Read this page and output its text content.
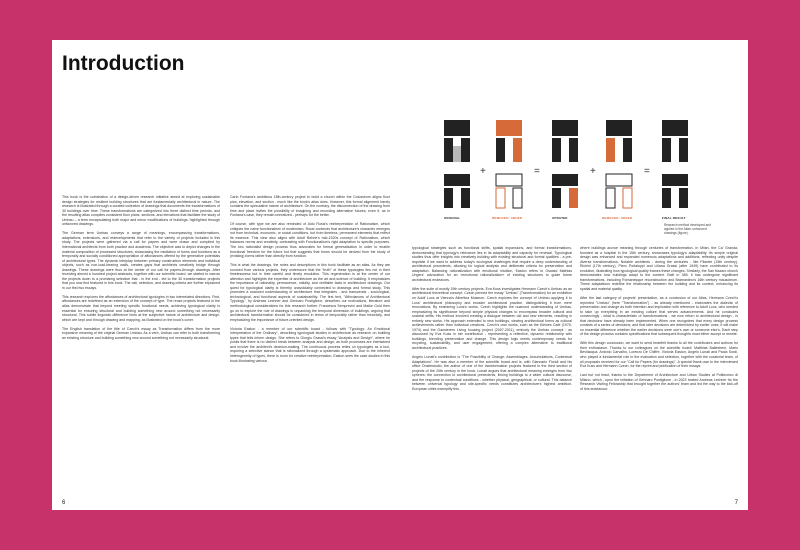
Introduction

This book is the culmination of a design-driven research initiative aimed at exploring sustainable design strategies for resilient building structures that are fundamentally architectural in nature. The research is illustrated through a curated collection of drawings that documents the transformations of 30 buildings over time. These transformations are categorized into three distinct time periods, and the resulting atlas compiles consistent floor plans, sections, and elevations that facilitate the study of Umbau – a term encapsulating both major and minor modifications of buildings, highlighted through unfavored drawings.

The German term Umbau conveys a range of meanings, encompassing transformations, adaptations, extensions, and redevelopments that refer to the variety of projects included in this study. The projects were gathered via a call for papers and were drawn and compiled by international architects from both practice and academia. The objective was to depict changes in the material composition of processed structures, showcasing the mediation of forms and functions as a temporally and socially conditioned appropriation of affordances offered by the generative potentials of architectural types. The dynamic interplay between primary construction elements and individual objects, such as non-load-bearing walls, creates gaps that architects creatively bridge through drawings. These drawings were thus at the center of our call for papers-through drawings. After receiving almost a hundred project abstracts, together with our scientific board, we started to narrow the projects down to a promising selection that - in the end - led to the 30 transformation projects that you now find featured in this book. The call, selection, and drawing criteria are further explained in our first two essays.

This research explores the affordances of architectural typologies in two interrelated directions. First, affordances are redefined as an extension of the concept of type. The reuse projects featured in the atlas demonstrate that beyond meeting specific functional needs, achieving typological clarity is essential for ensuring structural and building something new around something not necessarily structural. This subtle linguistic difference hints at the subjective nature of architecture and design, which are kept and through drawing and mapping, as illustrated on the book's cover.

The English translation of the title of Czech's essay as Transformation differs from the more expansive meaning of the original German Umbau. As a verb, Umbau can refer to both transforming an existing structure and building something new around something not necessarily structural.

Carlo Fontana's ambitious 18th-century project to build a church within the Colosseum aligns floor plan, elevation, and section - much like the book's atlas does. However, this formal alignment barely contains the speculative nature of architecture. On the contrary, the disconnection of the drawing from time and place invites the possibility of imagining and recording alternative futures, even if, as in Fontana's case, they remain unrealized - perhaps for the better.

Of course, with type we are also reminded of Aldo Rossi's reinterpretation of Rationalism, which critiques the naive functionalism of modernism. Rossi contends that architecture's character emerges not from technical, economic, or social conditions, but from timeless, permanent elements that reflect its essence. This view also aligns with Adolf Behne's mid-1920s concept of Rationalism, which balances norms and creativity, contrasting with Functionalism's rigid adaptation to specific purposes. The two rationalist design process thus advocates for formal generalization in order to enable functional freedom for the future but that suggests that forms should be derived from the study of (existing) forms rather than directly from function.

This is what the drawings, the notes and descriptions in this book facilitate as an atlas. As they are sourced from various projects, they underscore that the "truth" of these typologies lies not in their timelessness but in their careful and timely resolution. This regeneration is at the center of our attention and highlights the expertise of architecture as the art and science of building. It emphasizes the importance of rationality, permanence, validity, and verifiable facts in architecture drawings. Our quest for typological clarity is thereby unavoidably connected to drawings and formal study. This promotes a nuanced understanding of architecture that integrates - and transcends - sociological, technological, and functional aspects of sustainability. The first text, "Affordances of Architectural Typology", by Andreas Lechner and Gennaro Postiglione, describes our motivations, literature and methodological considerations for this research further. Francesca Semprevivi and Maike Gold then go on to explore the role of drawings in unpacking the temporal dimension of buildings, arguing that architectural transformation should be considered in terms of temporality rather than historicity, and emphasizing the importance of future-oriented design.

Victoria Easton - a member of our scientific board - follows with "Typology: An Emotional Interpretation of the Ordinary", describing typological studies in architecture as research on building types that tells inform design. She refers to Giorgio Grassi's essay "Analysis and Design", where he posits that there is no distinct break between analysis and design, as both processes are intertwined and involve the architect's decision-making. The continuous process relies on typologies as a tool, requiring a selective stance that is rationalized through a systematic approach. Due to the inherent heterogeneity of types, there is room for creative reinterpretation. Easton sees the case studies in this book illustrating various

6
+	=	+	=
ORIGINAL	REMOVED: ADDED	UPDATED	REMOVED: ADDED	FINAL RESULT
Research method developed and applied in the Atlas: unfavored drawings (figure).

typological strategies such as functional shifts, spatial expansions, and formal transformations, demonstrating that typology's relevance lies in its adaptability and capacity for renewal. Typological studies thus offer insights into creatively building with existing structural and formal qualities - a pre-requisite if we want to address today's ecological challenges that require a deep understanding of architectural precedents, allowing for logical analysis and deliberate criteria for preservation and adaptation. Balancing rationalization with emotional intuition, Easton refers to Oswald Mathias Ungers' advocation for an «emotional rationalization» of existing structures to guide future architectural endeavors.

After the suite of mostly 19th century projects, Eva Kuss investigates Hermann Czech's Umbau as an architectural theoretical concept. Czech penned the essay "Umbau" (Transformation) for an exhibition on Adolf Loos at Vienna's Albertina Museum. Czech explores the concept of Umbau applying it to Loos' architectural philosophy and broader architectural practice, distinguishing it from mere renovations. By examining Loos's works, Czech highlights the nuanced understanding of Umbau, emphasizing its significance beyond simple physical changes to encompass broader cultural and societal shifts. His method involved creating a dialogue between old and new elements, resulting in entirely new works. His approach extended to new buildings, viewing architectural forms as cultural achievements rather than individual creations. Czech's own works, such as the Kleines Café (1970-1974) and the Gansterers Living housing project (2007-2011), embody the Umbau concept - as discussed by Eva Kuss in her contribution - representing a reflective, dynamic relationship with buildings, blending preservation and change. This design logic meets contemporary needs for recycling, sustainability, and user engagement, offering a complex alternative to traditional architectural practices.

Angelo Lunati's contribution is "The Possibility of Change: Assemblages, Accumulations, Contextual Adaptations". He was also a member of the scientific board and is, with Giancarlo Floridi and his office Onsitestudio, the author of one of the transformation projects featured in the third section of projects of the 20th century in the book. Lunati argues that architectural meaning emerges from two spheres: the connection to architectural precedents, linking buildings to a wider cultural discourse, and the response to contextual conditions - whether physical, geographical, or cultural. This balance between universal typology and site-specific needs constitutes architecture's highest ambition. European cities exemplify this,

where buildings accrue meaning through centuries of transformation. In Milan, the Ca' Granda, founded as a hospital in the 15th century, showcases typology's adaptability. Its simple original design was enhanced and expanded numerous adaptations and additions, reflecting unity despite diverse transformations. Notable architects - during the centuries - like Filarete (15th century), Richini (17th century), Piero Portaluppi and Liliana Grassi (after 1949) have contributed to its evolution, illustrating how typological quality frames these changes. Similarly, the San Nazaro church demonstrates how buildings adapt to the context. Built in 385, it has undergone significant transformations, including Romanesque reconstruction and Bramantino's 16th century mausoleum. These adaptations redefine the relationship between the building and its context, enhancing its spatial and material quality.

After the last category of projects' presentation, as a conclusion of our Atlas, Hermann Czech's reprinted "Umbau" (here "Transformation") - as already mentioned - elaborates the dialectic of preservation and change as both intention and implication with reference to Adolf Loos, who needed to take up everything in an existing culture that serves advancements. And he concludes convincingly - what is characteristic of transformations - we now return to architectural design - is that decisions have already been implemented. When one recognizes that every design process consists of a series of decisions, and that later decisions are determined by earlier ones, it will make no essential difference whether the earlier decisions were one's own or someone else's. Each step of the design process contains specifications that subsequent thoughts must either accept or rewrite.

With this design conclusion, we want to send heartfelt thanks to all the contributors and authors for their enthusiasm. Thanks to our colleagues on the scientific board: Matthias Ballestrem, Mario Bevilacqua, Antonio Carvalho, Lorenzo De Chiffre, Victoria Easton, Angelo Lunati and Paola Sordi, who played a fundamental role in the evaluation and selection, together with the curatorial team, of all proposals received for our "Call for Papers (for drawings)". A special thank owe to the interviewed Eva Kuss and Hermann Czech, for the reprint and publication of their essays.

Last but not least, thanks to the Department of Architecture and Urban Studies at Politecnico di Milano, which - upon the initiation of Gennaro Postiglione - in 2023 hosted Andreas Lechner for the Research Visiting Fellowship that brought together the authors' team and led the way to the kick-off of this endeavour.

7
